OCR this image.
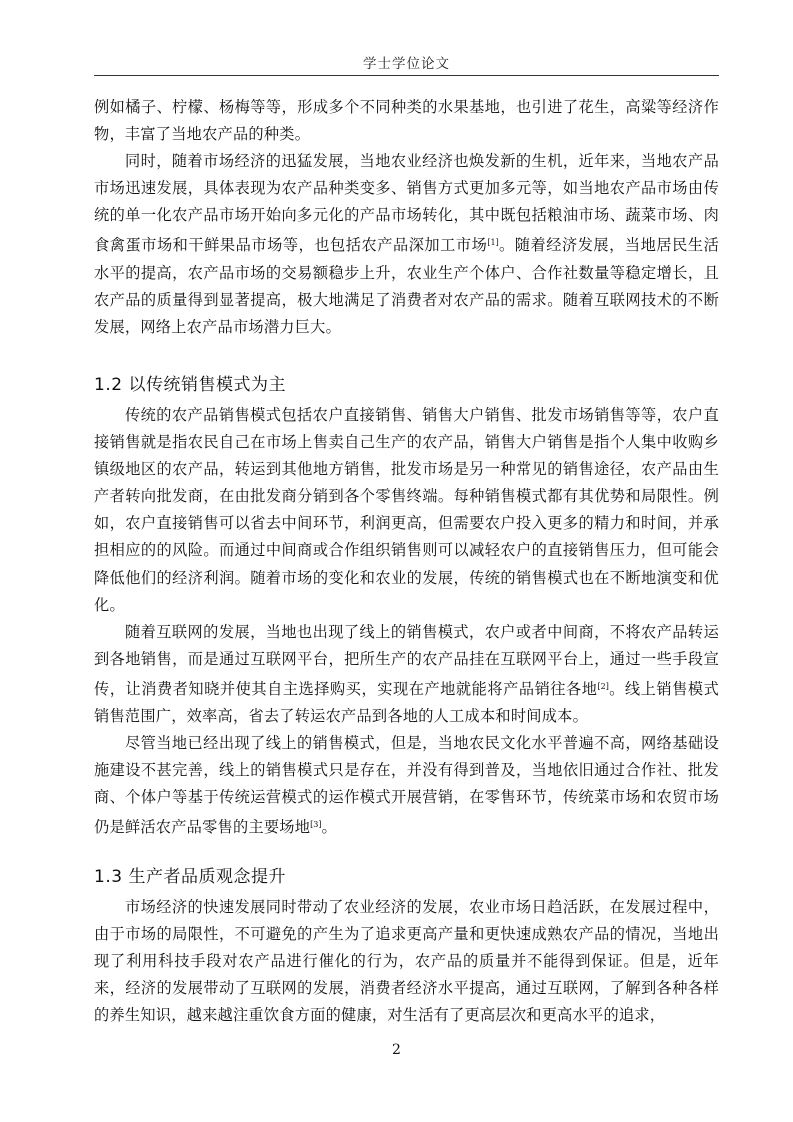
学士学位论文

例如橘子、柠檬、杨梅等等，形成多个不同种类的水果基地，也引进了花生，高粱等经济作物，丰富了当地农产品的种类。

同时，随着市场经济的迅猛发展，当地农业经济也焕发新的生机，近年来，当地农产品市场迅速发展，具体表现为农产品种类变多、销售方式更加多元等，如当地农产品市场由传统的单一化农产品市场开始向多元化的产品市场转化，其中既包括粮油市场、蔬菜市场、肉食禽蛋市场和干鲜果品市场等，也包括农产品深加工市场[1]。随着经济发展，当地居民生活水平的提高，农产品市场的交易额稳步上升，农业生产个体户、合作社数量等稳定增长，且农产品的质量得到显著提高，极大地满足了消费者对农产品的需求。随着互联网技术的不断发展，网络上农产品市场潜力巨大。

1.2 以传统销售模式为主

传统的农产品销售模式包括农户直接销售、销售大户销售、批发市场销售等等，农户直接销售就是指农民自己在市场上售卖自己生产的农产品，销售大户销售是指个人集中收购乡镇级地区的农产品，转运到其他地方销售，批发市场是另一种常见的销售途径，农产品由生产者转向批发商，在由批发商分销到各个零售终端。每种销售模式都有其优势和局限性。例如，农户直接销售可以省去中间环节，利润更高，但需要农户投入更多的精力和时间，并承担相应的的风险。而通过中间商或合作组织销售则可以减轻农户的直接销售压力，但可能会降低他们的经济利润。随着市场的变化和农业的发展，传统的销售模式也在不断地演变和优化。

随着互联网的发展，当地也出现了线上的销售模式，农户或者中间商，不将农产品转运到各地销售，而是通过互联网平台，把所生产的农产品挂在互联网平台上，通过一些手段宣传，让消费者知晓并使其自主选择购买，实现在产地就能将产品销往各地[2]。线上销售模式销售范围广，效率高，省去了转运农产品到各地的人工成本和时间成本。

尽管当地已经出现了线上的销售模式，但是，当地农民文化水平普遍不高，网络基础设施建设不甚完善，线上的销售模式只是存在，并没有得到普及，当地依旧通过合作社、批发商、个体户等基于传统运营模式的运作模式开展营销，在零售环节，传统菜市场和农贸市场仍是鲜活农产品零售的主要场地[3]。

1.3 生产者品质观念提升

市场经济的快速发展同时带动了农业经济的发展，农业市场日趋活跃，在发展过程中，由于市场的局限性，不可避免的产生为了追求更高产量和更快速成熟农产品的情况，当地出现了利用科技手段对农产品进行催化的行为，农产品的质量并不能得到保证。但是，近年来，经济的发展带动了互联网的发展，消费者经济水平提高，通过互联网，了解到各种各样的养生知识，越来越注重饮食方面的健康，对生活有了更高层次和更高水平的追求，

2
